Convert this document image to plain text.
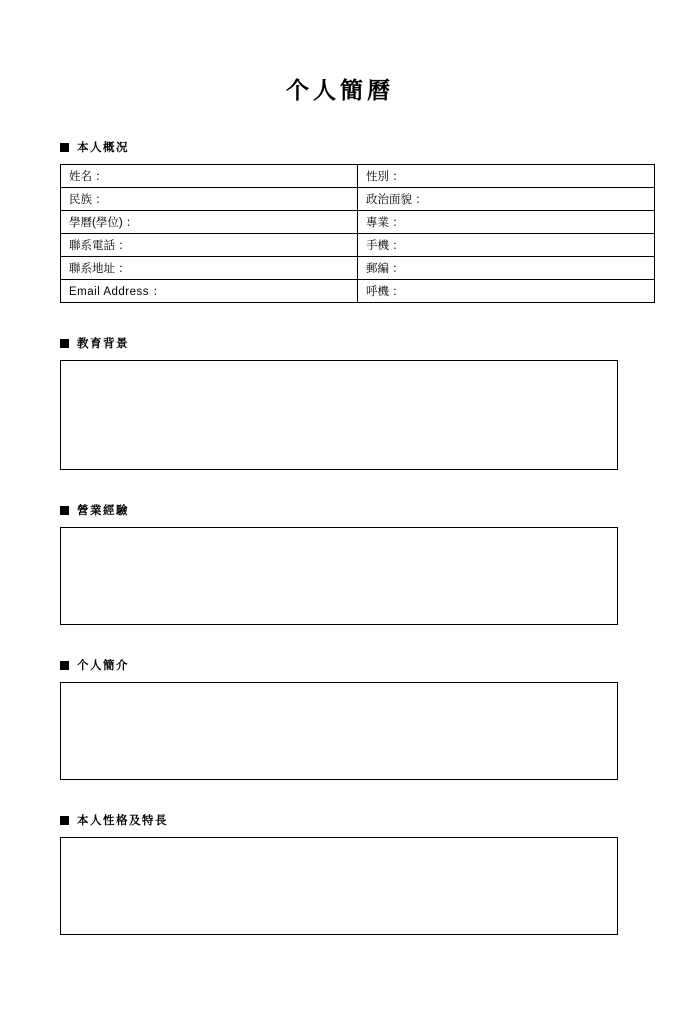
个人簡曆
本人概况
姓名 ：	性別 ：
民族 ：	政治面貌 ：
學曆(學位) ：	專業 ：
聯系電話 ：	手機 ：
聯系地址 ：	郵編 ：
Email Address ：	呼機 ：
教育背景
營業經驗
个人簡介
本人性格及特長
